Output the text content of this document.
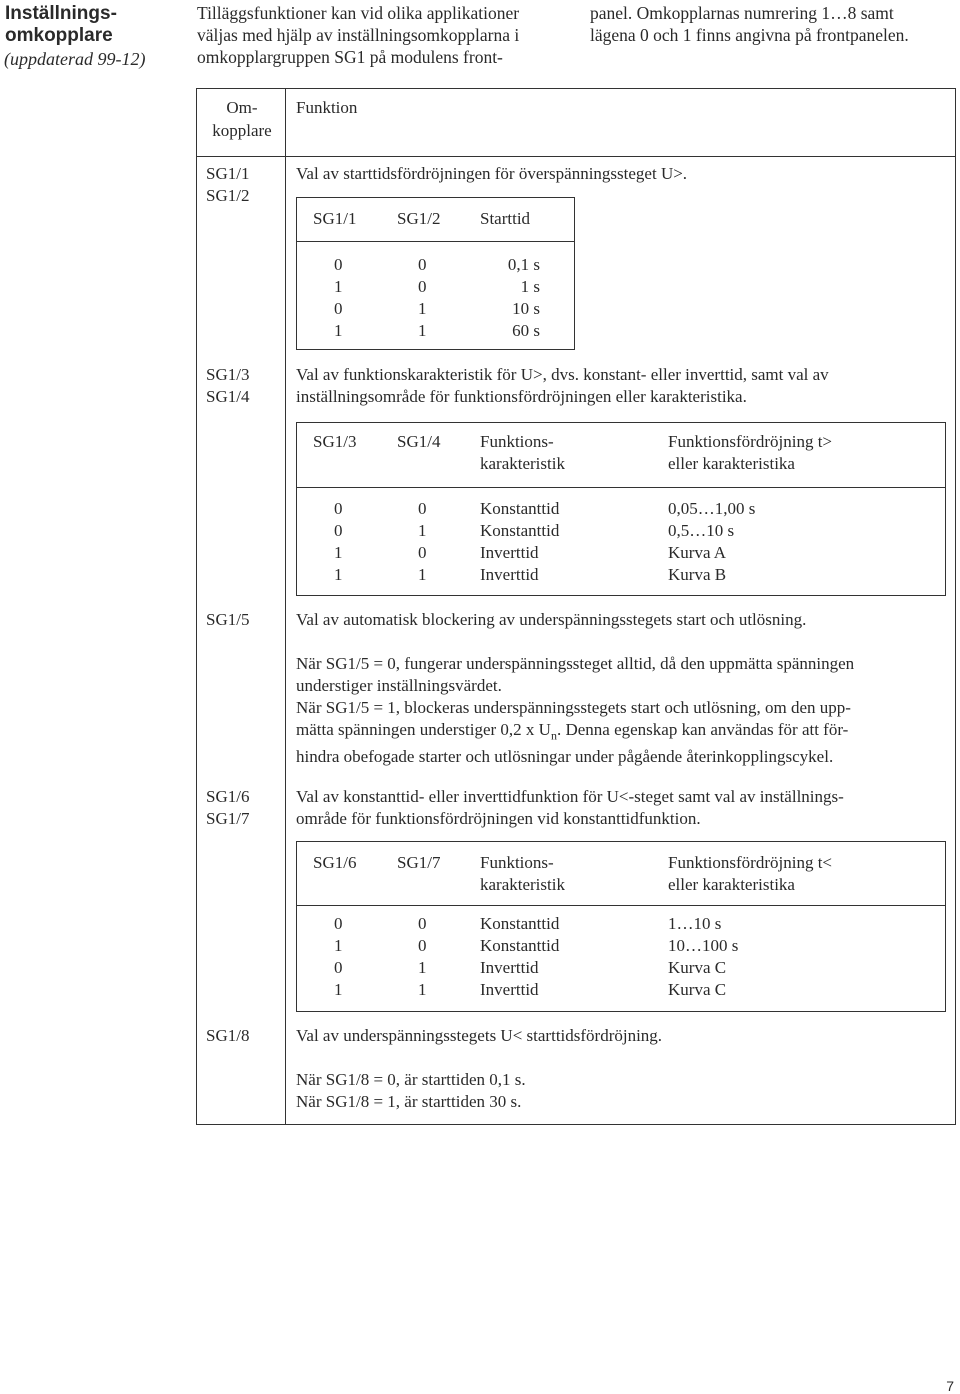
Inställnings-
omkopplare
(uppdaterad 99-12)
Tilläggsfunktioner kan vid olika applikationer
väljas med hjälp av inställningsomkopplarna i
omkopplargruppen SG1 på modulens front-
panel. Omkopplarnas numrering 1…8 samt
lägena 0 och 1 finns angivna på frontpanelen.
Om-
kopplare
Funktion
SG1/1
SG1/2
Val av starttidsfördröjningen för överspänningssteget U>.
SG1/1 SG1/2 Starttid
0
1
0
1
0
0
1
1
0,1 s
1 s
10 s
60 s
SG1/3
SG1/4
Val av funktionskarakteristik för U>, dvs. konstant- eller inverttid, samt val av
inställningsområde för funktionsfördröjningen eller karakteristika.
SG1/3 SG1/4 Funktions-
karakteristik
Funktionsfördröjning t>
eller karakteristika
0
0
1
1
0
1
0
1
Konstanttid
Konstanttid
Inverttid
Inverttid
0,05…1,00 s
0,5…10 s
Kurva A
Kurva B
SG1/5	Val av automatisk blockering av underspänningsstegets start och utlösning.
När SG1/5 = 0, fungerar underspänningssteget alltid, då den uppmätta spänningen
understiger inställningsvärdet.
När SG1/5 = 1, blockeras underspänningsstegets start och utlösning, om den upp-
mätta spänningen understiger 0,2 x $U_n$. Denna egenskap kan användas för att för-
hindra obefogade starter och utlösningar under pågående återinkopplingscykel.
SG1/6
SG1/7
Val av konstanttid- eller inverttidfunktion för U<-steget samt val av inställnings-
område för funktionsfördröjningen vid konstanttidfunktion.
SG1/6 SG1/7 Funktions-
karakteristik
Funktionsfördröjning t<
eller karakteristika
0
1
0
1
0
0
1
1
Konstanttid
Konstanttid
Inverttid
Inverttid
1…10 s
10…100 s
Kurva C
Kurva C
SG1/8	Val av underspänningsstegets U< starttidsfördröjning.
När SG1/8 = 0, är starttiden 0,1 s.
När SG1/8 = 1, är starttiden 30 s.
7
